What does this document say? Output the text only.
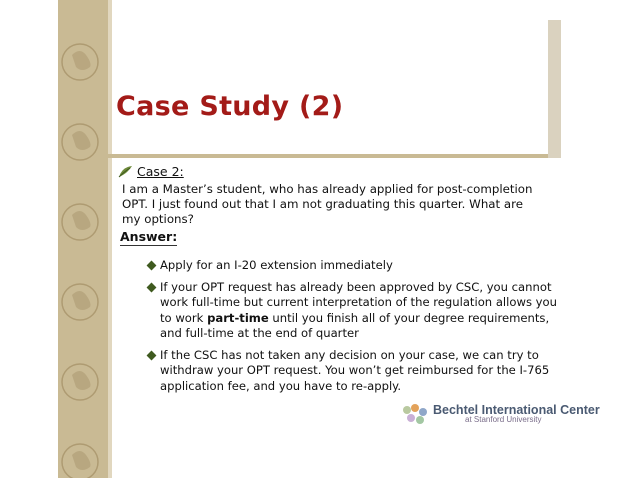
Case Study (2)
Case 2:
I am a Master’s student, who has already applied for post-completion OPT. I just found out that I am not graduating this quarter. What are my options?
Answer:
Apply for an I-20 extension immediately
If your OPT request has already been approved by CSC, you cannot work full-time but current interpretation of the regulation allows you to work part-time until you finish all of your degree requirements, and full-time at the end of quarter
If the CSC has not taken any decision on your case, we can try to withdraw your OPT request. You won’t get reimbursed for the I-765 application fee, and you have to re-apply.
Bechtel International Center
at Stanford University
